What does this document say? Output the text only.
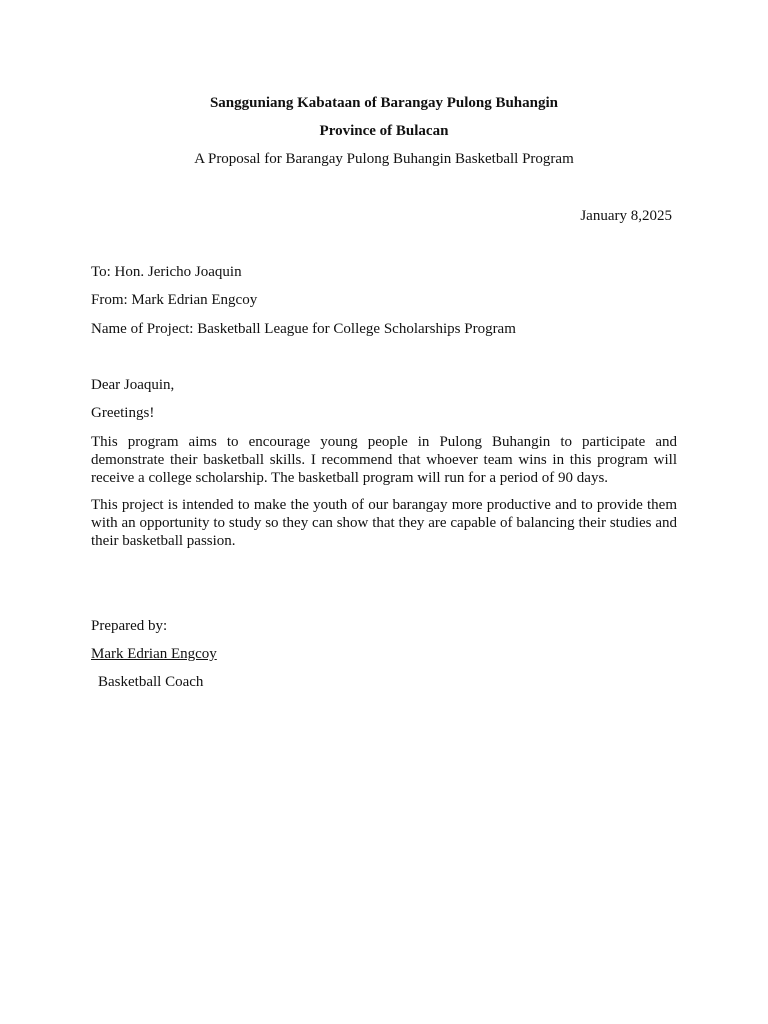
Sangguniang Kabataan of Barangay Pulong Buhangin
Province of Bulacan
A Proposal for Barangay Pulong Buhangin Basketball Program
January 8,2025
To: Hon. Jericho Joaquin
From: Mark Edrian Engcoy
Name of Project: Basketball League for College Scholarships Program
Dear Joaquin,
Greetings!
This program aims to encourage young people in Pulong Buhangin to participate and demonstrate their basketball skills. I recommend that whoever team wins in this program will receive a college scholarship. The basketball program will run for a period of 90 days.
This project is intended to make the youth of our barangay more productive and to provide them with an opportunity to study so they can show that they are capable of balancing their studies and their basketball passion.
Prepared by:
Mark Edrian Engcoy
Basketball Coach
